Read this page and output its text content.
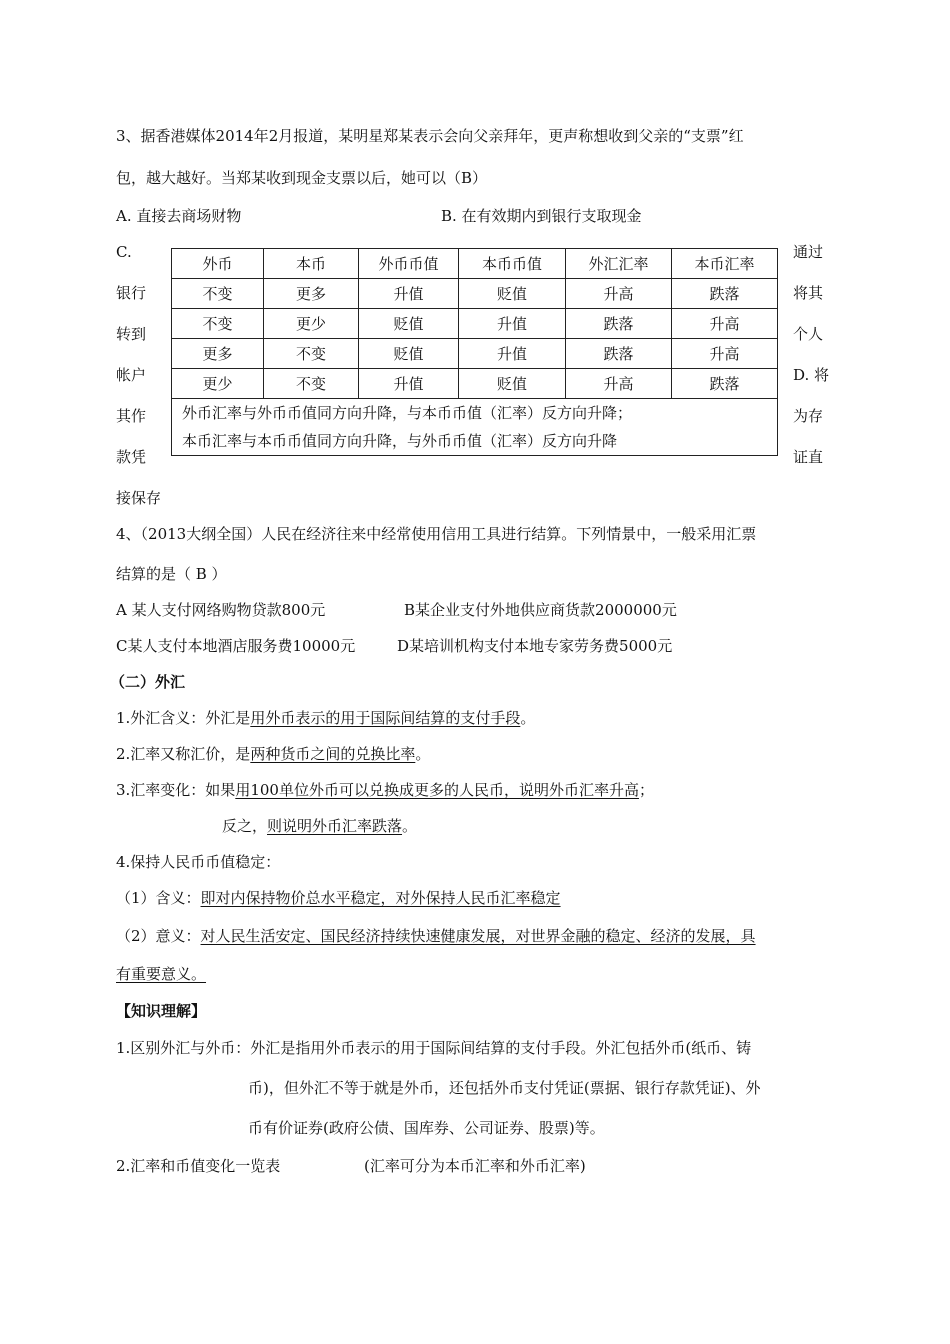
3、据香港媒体2014年2月报道，某明星郑某表示会向父亲拜年，更声称想收到父亲的“支票”红
包，越大越好。当郑某收到现金支票以后，她可以（B）
A. 直接去商场财物	B. 在有效期内到银行支取现金
C.
银行
转到
帐户
其作
款凭
通过
将其
个人
D. 将
为存
证直
外币	本币	外币币值	本币币值	外汇汇率	本币汇率
不变	更多	升值	贬值	升高	跌落
不变	更少	贬值	升值	跌落	升高
更多	不变	贬值	升值	跌落	升高
更少	不变	升值	贬值	升高	跌落

外币汇率与外币币值同方向升降，与本币币值（汇率）反方向升降；
本币汇率与本币币值同方向升降，与外币币值（汇率）反方向升降					
接保存
4、（2013大纲全国）人民在经济往来中经常使用信用工具进行结算。下列情景中，一般采用汇票
结算的是（ B ）
A 某人支付网络购物贷款800元	B某企业支付外地供应商货款2000000元
C某人支付本地酒店服务费10000元	D某培训机构支付本地专家劳务费5000元
（二）外汇
1.外汇含义：外汇是用外币表示的用于国际间结算的支付手段。
2.汇率又称汇价，是两种货币之间的兑换比率。
3.汇率变化：如果用100单位外币可以兑换成更多的人民币，说明外币汇率升高；
反之，则说明外币汇率跌落。
4.保持人民币币值稳定：
（1）含义：即对内保持物价总水平稳定，对外保持人民币汇率稳定
（2）意义：对人民生活安定、国民经济持续快速健康发展，对世界金融的稳定、经济的发展，具
有重要意义。
【知识理解】
1.区别外汇与外币：外汇是指用外币表示的用于国际间结算的支付手段。外汇包括外币(纸币、铸
币)，但外汇不等于就是外币，还包括外币支付凭证(票据、银行存款凭证)、外
币有价证券(政府公债、国库券、公司证券、股票)等。
2.汇率和币值变化一览表	(汇率可分为本币汇率和外币汇率)
